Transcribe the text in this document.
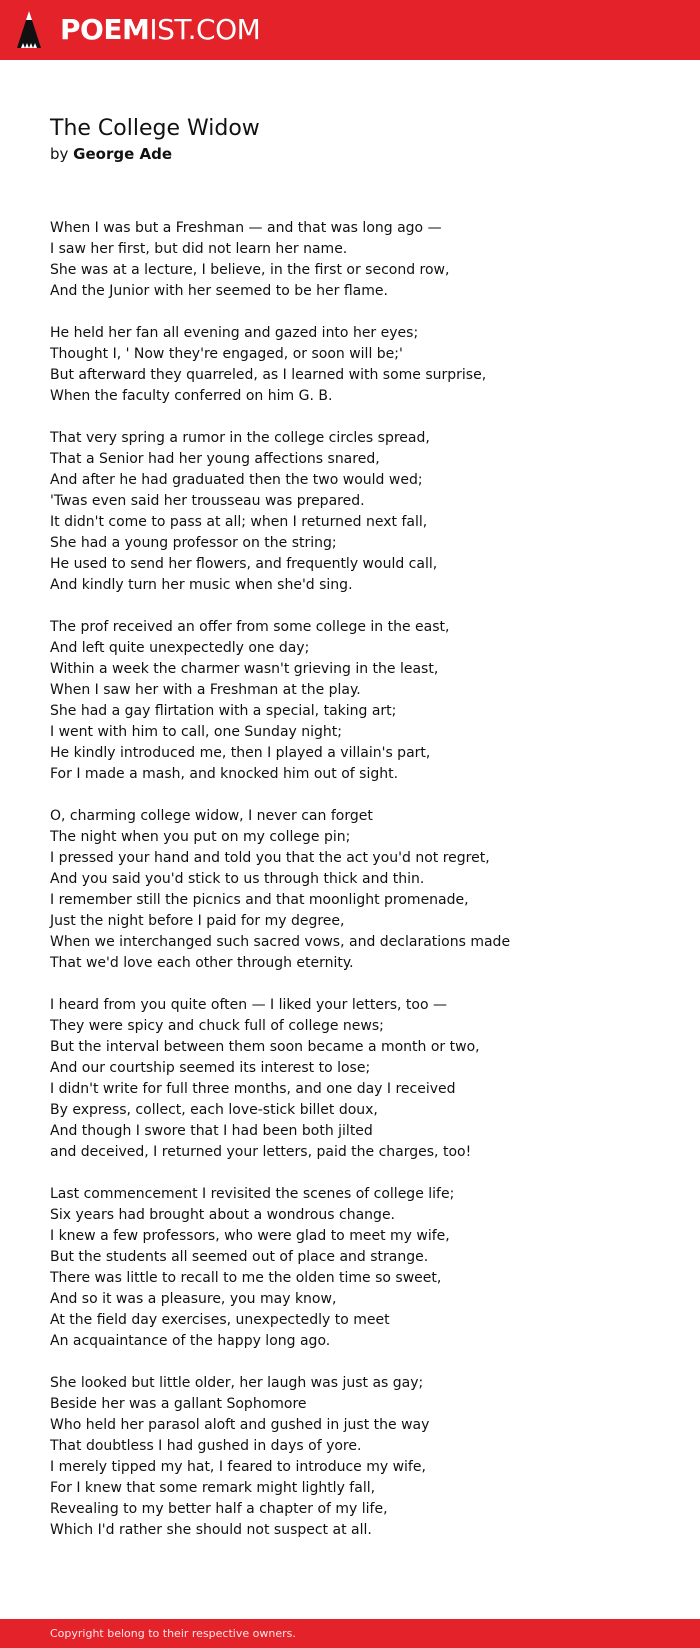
POEMIST.COM
The College Widow
by George Ade
When I was but a Freshman — and that was long ago —
I saw her first, but did not learn her name.
She was at a lecture, I believe, in the first or second row,
And the Junior with her seemed to be her flame.
He held her fan all evening and gazed into her eyes;
Thought I, ' Now they're engaged, or soon will be;'
But afterward they quarreled, as I learned with some surprise,
When the faculty conferred on him G. B.
That very spring a rumor in the college circles spread,
That a Senior had her young affections snared,
And after he had graduated then the two would wed;
'Twas even said her trousseau was prepared.
It didn't come to pass at all; when I returned next fall,
She had a young professor on the string;
He used to send her flowers, and frequently would call,
And kindly turn her music when she'd sing.
The prof received an offer from some college in the east,
And left quite unexpectedly one day;
Within a week the charmer wasn't grieving in the least,
When I saw her with a Freshman at the play.
She had a gay flirtation with a special, taking art;
I went with him to call, one Sunday night;
He kindly introduced me, then I played a villain's part,
For I made a mash, and knocked him out of sight.
O, charming college widow, I never can forget
The night when you put on my college pin;
I pressed your hand and told you that the act you'd not regret,
And you said you'd stick to us through thick and thin.
I remember still the picnics and that moonlight promenade,
Just the night before I paid for my degree,
When we interchanged such sacred vows, and declarations made
That we'd love each other through eternity.
I heard from you quite often — I liked your letters, too —
They were spicy and chuck full of college news;
But the interval between them soon became a month or two,
And our courtship seemed its interest to lose;
I didn't write for full three months, and one day I received
By express, collect, each love-stick billet doux,
And though I swore that I had been both jilted
and deceived, I returned your letters, paid the charges, too!
Last commencement I revisited the scenes of college life;
Six years had brought about a wondrous change.
I knew a few professors, who were glad to meet my wife,
But the students all seemed out of place and strange.
There was little to recall to me the olden time so sweet,
And so it was a pleasure, you may know,
At the field day exercises, unexpectedly to meet
An acquaintance of the happy long ago.
She looked but little older, her laugh was just as gay;
Beside her was a gallant Sophomore
Who held her parasol aloft and gushed in just the way
That doubtless I had gushed in days of yore.
I merely tipped my hat, I feared to introduce my wife,
For I knew that some remark might lightly fall,
Revealing to my better half a chapter of my life,
Which I'd rather she should not suspect at all.
Copyright belong to their respective owners.
